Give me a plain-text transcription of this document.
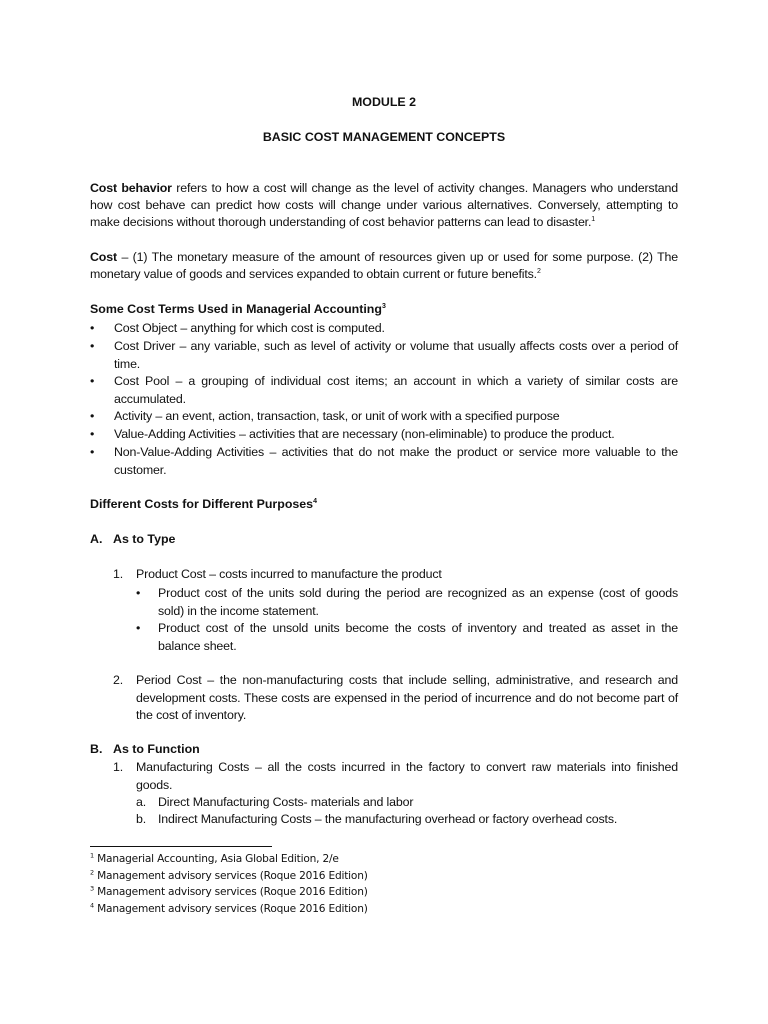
MODULE 2
BASIC COST MANAGEMENT CONCEPTS
Cost behavior refers to how a cost will change as the level of activity changes. Managers who understand how cost behave can predict how costs will change under various alternatives. Conversely, attempting to make decisions without thorough understanding of cost behavior patterns can lead to disaster.$^1$
Cost – (1) The monetary measure of the amount of resources given up or used for some purpose. (2) The monetary value of goods and services expanded to obtain current or future benefits.$^2$
Some Cost Terms Used in Managerial Accounting$^3$
• Cost Object – anything for which cost is computed.
• Cost Driver – any variable, such as level of activity or volume that usually affects costs over a period of time.
• Cost Pool – a grouping of individual cost items; an account in which a variety of similar costs are accumulated.
• Activity – an event, action, transaction, task, or unit of work with a specified purpose
• Value-Adding Activities – activities that are necessary (non-eliminable) to produce the product.
• Non-Value-Adding Activities – activities that do not make the product or service more valuable to the customer.
Different Costs for Different Purposes$^4$
A. As to Type
1. Product Cost – costs incurred to manufacture the product
• Product cost of the units sold during the period are recognized as an expense (cost of goods sold) in the income statement.
• Product cost of the unsold units become the costs of inventory and treated as asset in the balance sheet.
2. Period Cost – the non-manufacturing costs that include selling, administrative, and research and development costs. These costs are expensed in the period of incurrence and do not become part of the cost of inventory.
B. As to Function
1. Manufacturing Costs – all the costs incurred in the factory to convert raw materials into finished goods.
a. Direct Manufacturing Costs- materials and labor
b. Indirect Manufacturing Costs – the manufacturing overhead or factory overhead costs.
$^1$ Managerial Accounting, Asia Global Edition, 2/e
$^2$ Management advisory services (Roque 2016 Edition)
$^3$ Management advisory services (Roque 2016 Edition)
$^4$ Management advisory services (Roque 2016 Edition)
